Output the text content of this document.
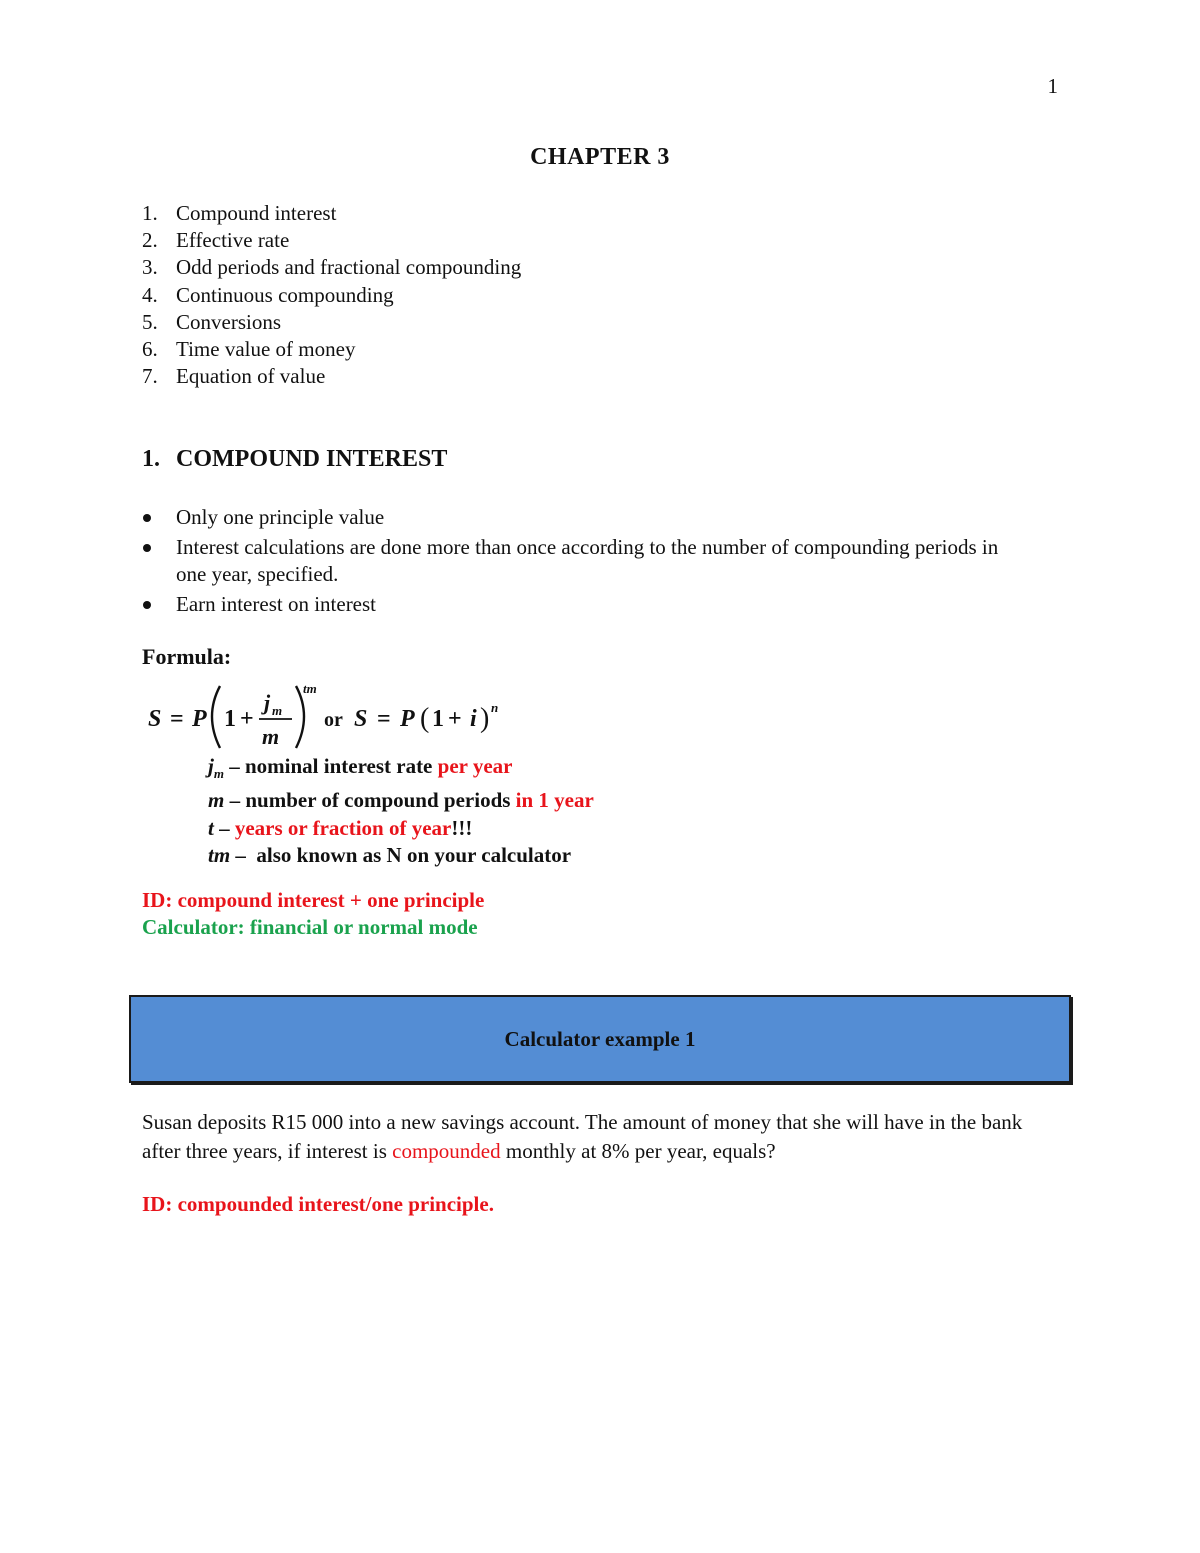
1
CHAPTER 3
1. Compound interest
2. Effective rate
3. Odd periods and fractional compounding
4. Continuous compounding
5. Conversions
6. Time value of money
7. Equation of value
1. COMPOUND INTEREST
Only one principle value
Interest calculations are done more than once according to the number of compounding periods in one year, specified.
Earn interest on interest
Formula:
S = P 1 +
j m
m
tm
or S = P ( 1 + i ) n
$j_m$ – nominal interest rate per year
m – number of compound periods in 1 year
t – years or fraction of year!!!
tm –  also known as N on your calculator
ID: compound interest + one principle
Calculator: financial or normal mode
Calculator example 1
Susan deposits R15 000 into a new savings account. The amount of money that she will have in the bank after three years, if interest is compounded monthly at 8% per year, equals?
ID: compounded interest/one principle.
